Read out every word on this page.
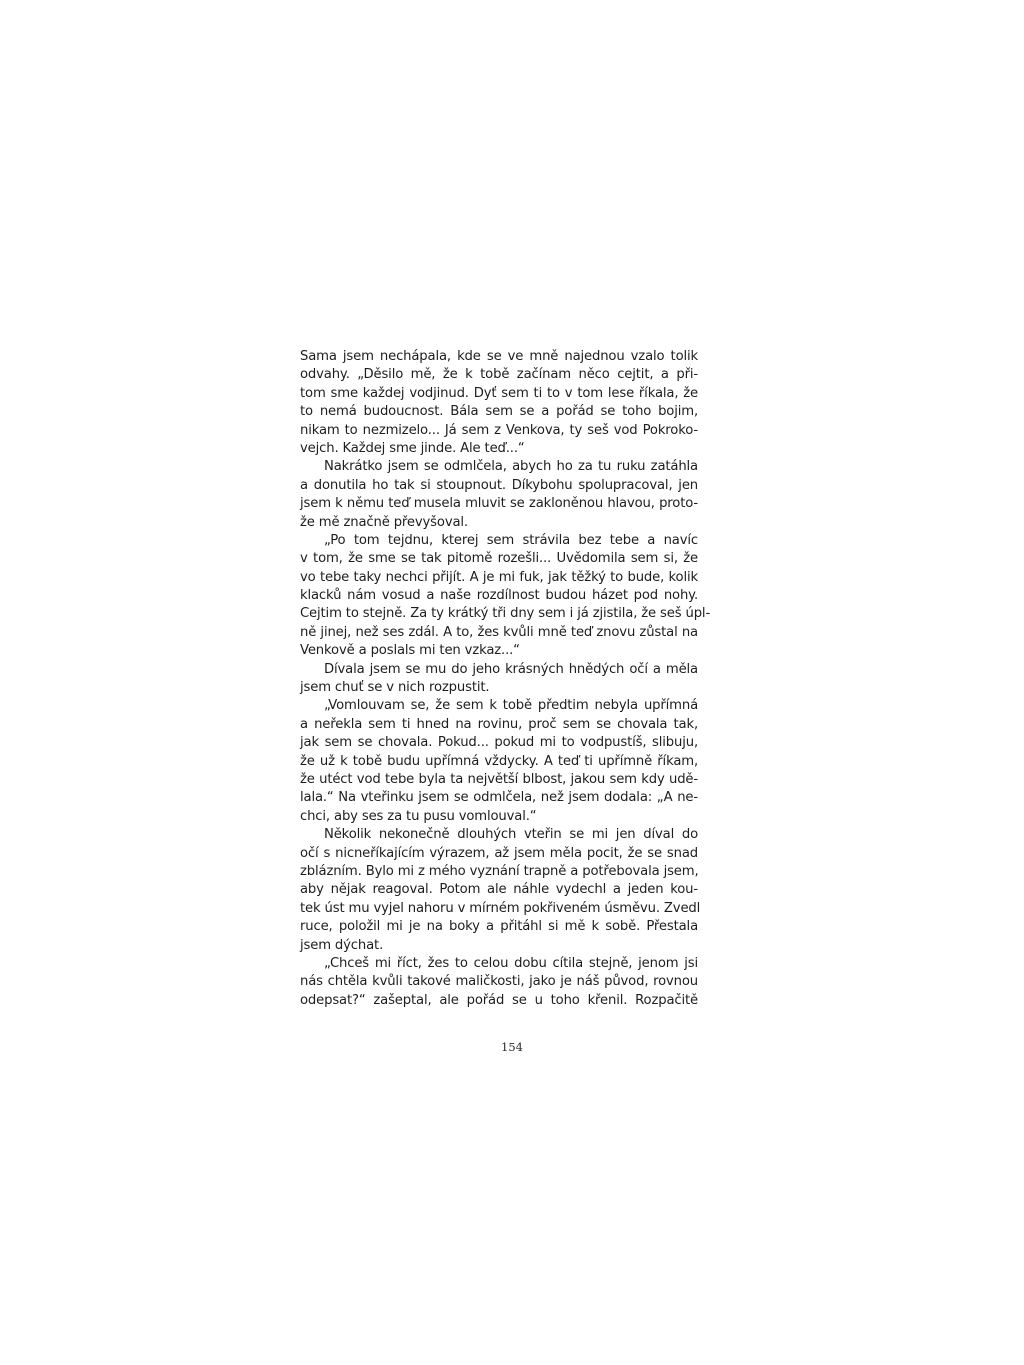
Sama jsem nechápala, kde se ve mně najednou vzalo tolik
odvahy. „Děsilo mě, že k tobě začínam něco cejtit, a při-
tom sme každej vodjinud. Dyť sem ti to v tom lese říkala, že
to nemá budoucnost. Bála sem se a pořád se toho bojim,
nikam to nezmizelo... Já sem z Venkova, ty seš vod Pokroko-
vejch. Každej sme jinde. Ale teď...“
Nakrátko jsem se odmlčela, abych ho za tu ruku zatáhla
a donutila ho tak si stoupnout. Díkybohu spolupracoval, jen
jsem k němu teď musela mluvit se zakloněnou hlavou, proto-
že mě značně převyšoval.
„Po tom tejdnu, kterej sem strávila bez tebe a navíc
v tom, že sme se tak pitomě rozešli... Uvědomila sem si, že
vo tebe taky nechci přijít. A je mi fuk, jak těžký to bude, kolik
klacků nám vosud a naše rozdílnost budou házet pod nohy.
Cejtim to stejně. Za ty krátký tři dny sem i já zjistila, že seš úpl-
ně jinej, než ses zdál. A to, žes kvůli mně teď znovu zůstal na
Venkově a poslals mi ten vzkaz...“
Dívala jsem se mu do jeho krásných hnědých očí a měla
jsem chuť se v nich rozpustit.
„Vomlouvam se, že sem k tobě předtim nebyla upřímná
a neřekla sem ti hned na rovinu, proč sem se chovala tak,
jak sem se chovala. Pokud... pokud mi to vodpustíš, slibuju,
že už k tobě budu upřímná vždycky. A teď ti upřímně říkam,
že utéct vod tebe byla ta největší blbost, jakou sem kdy udě-
lala.“ Na vteřinku jsem se odmlčela, než jsem dodala: „A ne-
chci, aby ses za tu pusu vomlouval.“
Několik nekonečně dlouhých vteřin se mi jen díval do
očí s nicneříkajícím výrazem, až jsem měla pocit, že se snad
zblázním. Bylo mi z mého vyznání trapně a potřebovala jsem,
aby nějak reagoval. Potom ale náhle vydechl a jeden kou-
tek úst mu vyjel nahoru v mírném pokřiveném úsměvu. Zvedl
ruce, položil mi je na boky a přitáhl si mě k sobě. Přestala
jsem dýchat.
„Chceš mi říct, žes to celou dobu cítila stejně, jenom jsi
nás chtěla kvůli takové maličkosti, jako je náš původ, rovnou
odepsat?“ zašeptal, ale pořád se u toho křenil. Rozpačitě
154
